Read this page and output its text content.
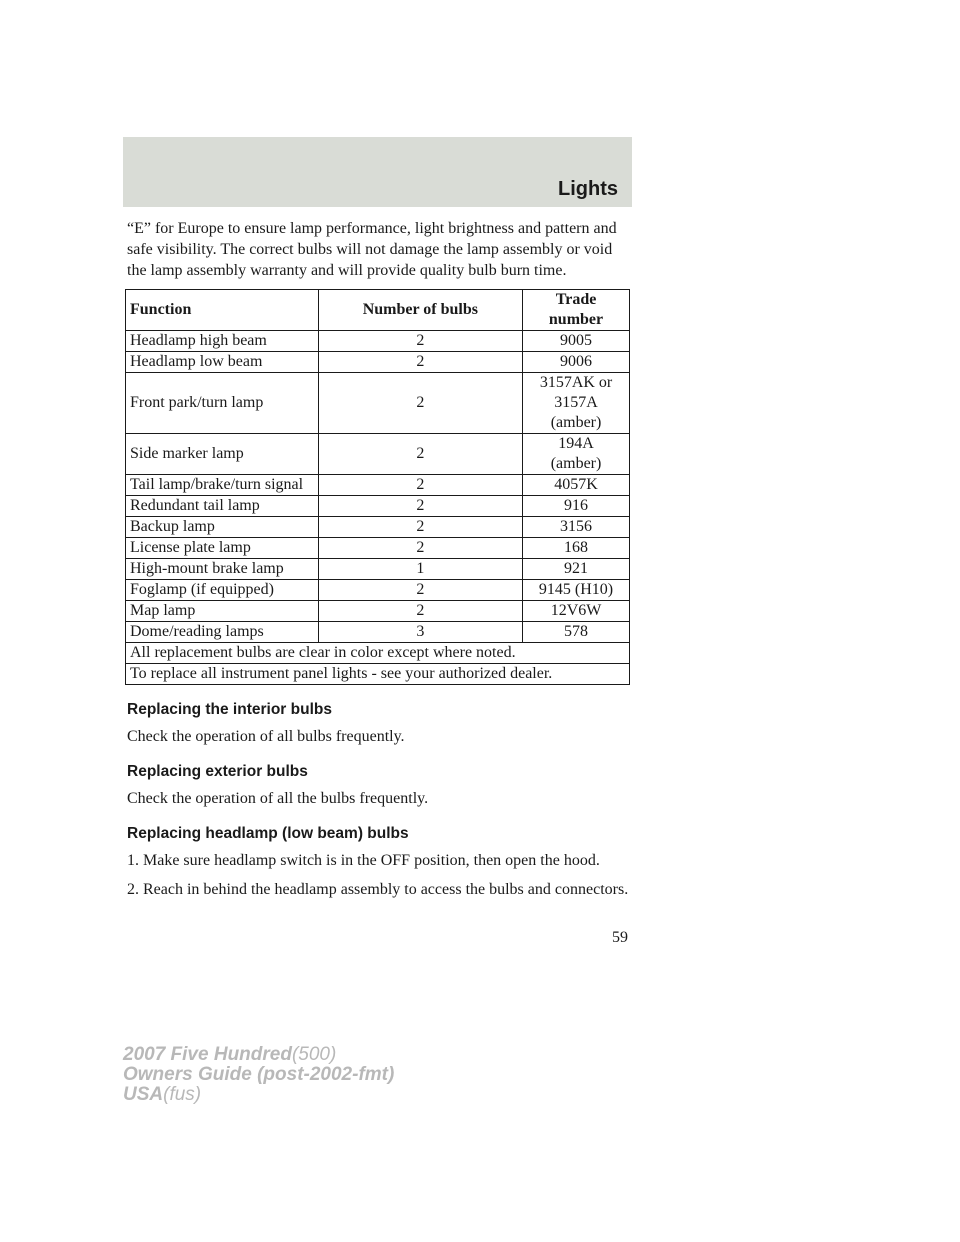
Lights

“E” for Europe to ensure lamp performance, light brightness and pattern and safe visibility. The correct bulbs will not damage the lamp assembly or void the lamp assembly warranty and will provide quality bulb burn time.

Function	Number of bulbs	Trade number
Headlamp high beam	2	9005
Headlamp low beam	2	9006
Front park/turn lamp	2	3157AK or 3157A (amber)
Side marker lamp	2	194A (amber)
Tail lamp/brake/turn signal	2	4057K
Redundant tail lamp	2	916
Backup lamp	2	3156
License plate lamp	2	168
High-mount brake lamp	1	921
Foglamp (if equipped)	2	9145 (H10)
Map lamp	2	12V6W
Dome/reading lamps	3	578
All replacement bulbs are clear in color except where noted.		
To replace all instrument panel lights - see your authorized dealer.		
Replacing the interior bulbs

Check the operation of all bulbs frequently.

Replacing exterior bulbs

Check the operation of all the bulbs frequently.

Replacing headlamp (low beam) bulbs

1. Make sure headlamp switch is in the OFF position, then open the hood.

2. Reach in behind the headlamp assembly to access the bulbs and connectors.

59
2007 Five Hundred(500)
Owners Guide (post-2002-fmt)
USA(fus)
